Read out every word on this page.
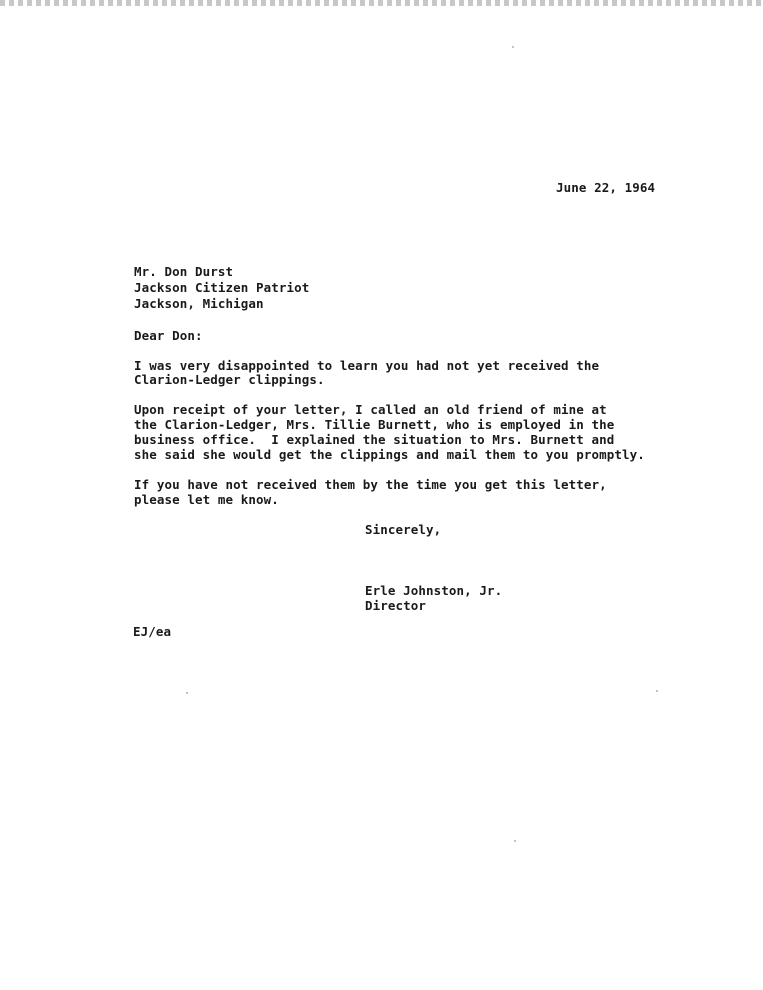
June 22, 1964
Mr. Don Durst
Jackson Citizen Patriot
Jackson, Michigan
Dear Don:
I was very disappointed to learn you had not yet received the
Clarion-Ledger clippings.
Upon receipt of your letter, I called an old friend of mine at
the Clarion-Ledger, Mrs. Tillie Burnett, who is employed in the
business office.  I explained the situation to Mrs. Burnett and
she said she would get the clippings and mail them to you promptly.
If you have not received them by the time you get this letter,
please let me know.
Sincerely,
Erle Johnston, Jr.
Director
EJ/ea
